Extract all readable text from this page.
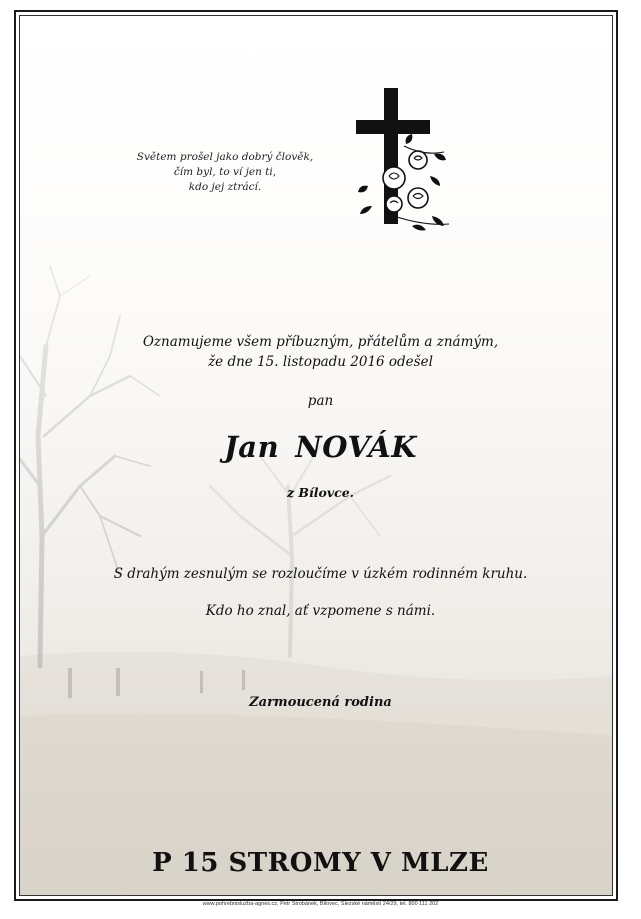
Světem prošel jako dobrý člověk,
čím byl, to ví jen ti,
kdo jej ztrácí.
Oznamujeme všem příbuzným, přátelům a známým,
že dne 15. listopadu 2016 odešel
pan
Jan NOVÁK
z Bílovce.
S drahým zesnulým se rozloučíme v úzkém rodinném kruhu.
Kdo ho znal, ať vzpomene s námi.
Zarmoucená rodina
P 15 STROMY V MLZE
www.pohrebnisluzba-agnes.cz, Petr Štrobánek, Bílovec, Slezské náměstí 24/29, tel. 800 111 202
